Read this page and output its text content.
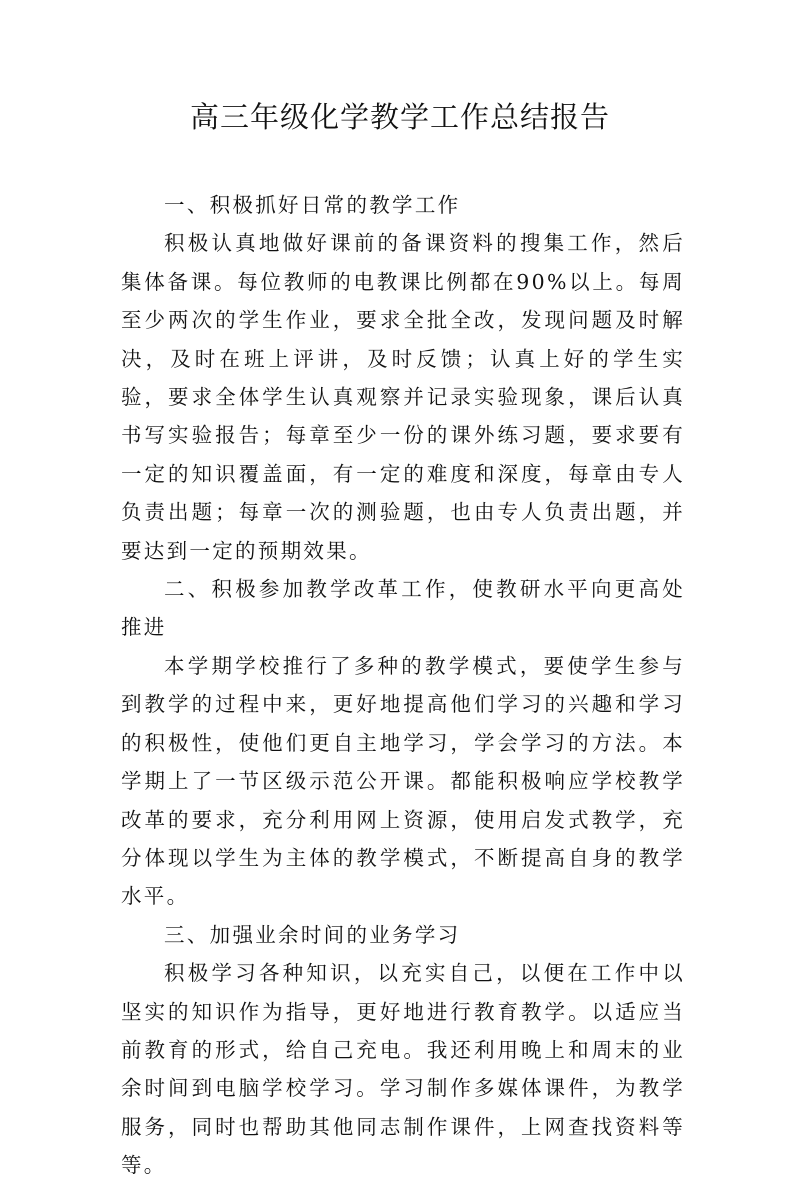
高三年级化学教学工作总结报告

一、积极抓好日常的教学工作

积极认真地做好课前的备课资料的搜集工作，然后集体备课。每位教师的电教课比例都在90%以上。每周至少两次的学生作业，要求全批全改，发现问题及时解决，及时在班上评讲，及时反馈；认真上好的学生实验，要求全体学生认真观察并记录实验现象，课后认真书写实验报告；每章至少一份的课外练习题，要求要有一定的知识覆盖面，有一定的难度和深度，每章由专人负责出题；每章一次的测验题，也由专人负责出题，并要达到一定的预期效果。

二、积极参加教学改革工作，使教研水平向更高处推进

本学期学校推行了多种的教学模式，要使学生参与到教学的过程中来，更好地提高他们学习的兴趣和学习的积极性，使他们更自主地学习，学会学习的方法。本学期上了一节区级示范公开课。都能积极响应学校教学改革的要求，充分利用网上资源，使用启发式教学，充分体现以学生为主体的教学模式，不断提高自身的教学水平。

三、加强业余时间的业务学习

积极学习各种知识，以充实自己，以便在工作中以坚实的知识作为指导，更好地进行教育教学。以适应当前教育的形式，给自己充电。我还利用晚上和周末的业余时间到电脑学校学习。学习制作多媒体课件，为教学服务，同时也帮助其他同志制作课件，上网查找资料等等。
